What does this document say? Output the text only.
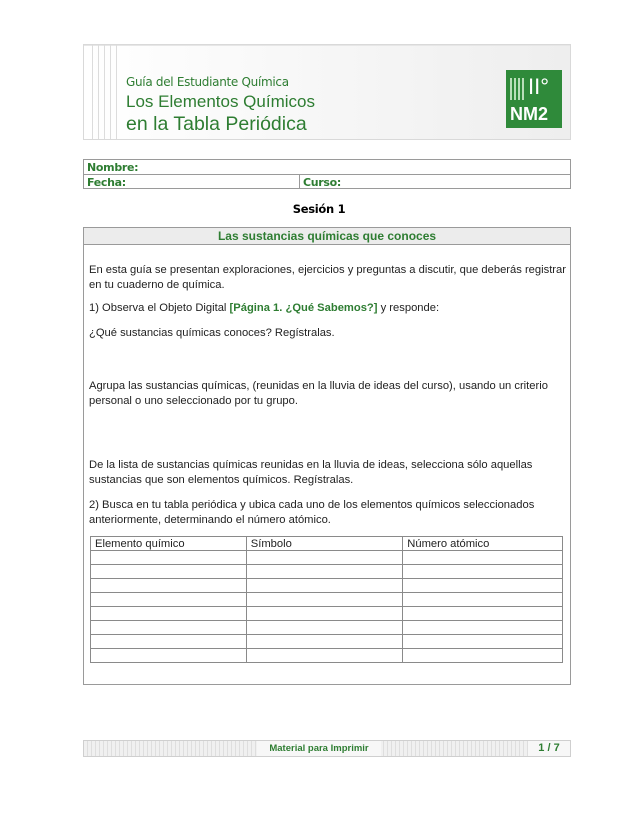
Guía del Estudiante Química
Los Elementos Químicos
en la Tabla Periódica
II°
NM2
Nombre:
Fecha:	Curso:
Sesión 1
Las sustancias químicas que conoces
En esta guía se presentan exploraciones, ejercicios y preguntas a discutir, que deberás registrar en tu cuaderno de química.
1) Observa el Objeto Digital [Página 1. ¿Qué Sabemos?] y responde:
¿Qué sustancias químicas conoces? Regístralas.
Agrupa las sustancias químicas, (reunidas en la lluvia de ideas del curso), usando un criterio personal o uno seleccionado por tu grupo.
De la lista de sustancias químicas reunidas en la lluvia de ideas, selecciona sólo aquellas sustancias que son elementos químicos. Regístralas.
2) Busca en tu tabla periódica y ubica cada uno de los elementos químicos seleccionados anteriormente, determinando el número atómico.
Elemento químico	Símbolo	Número atómico

Material para Imprimir	1 / 7
